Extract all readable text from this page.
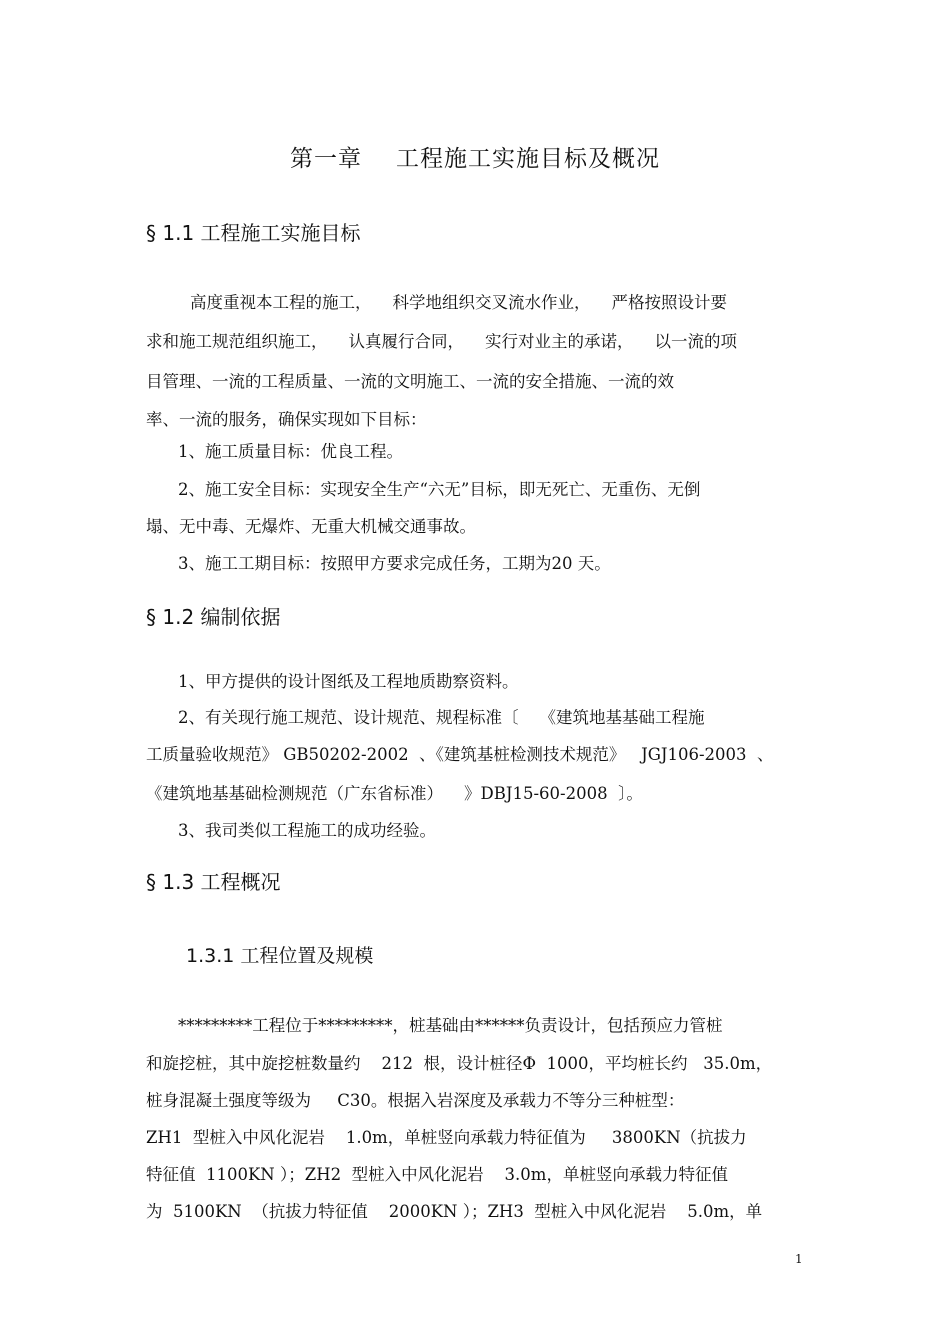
第一章 工程施工实施目标及概况
§ 1.1 工程施工实施目标
高度重视本工程的施工，    科学地组织交叉流水作业，    严格按照设计要
求和施工规范组织施工，    认真履行合同，    实行对业主的承诺，    以一流的项
目管理、一流的工程质量、一流的文明施工、一流的安全措施、一流的效
率、一流的服务，确保实现如下目标：
1、施工质量目标：优良工程。
2、施工安全目标：实现安全生产“六无”目标，即无死亡、无重伤、无倒
塌、无中毒、无爆炸、无重大机械交通事故。
3、施工工期目标：按照甲方要求完成任务，工期为20 天。
§ 1.2 编制依据
1、甲方提供的设计图纸及工程地质勘察资料。
2、有关现行施工规范、设计规范、规程标准〔    《建筑地基基础工程施
工质量验收规范》 GB50202-2002  、《建筑基桩检测技术规范》   JGJ106-2003  、
《建筑地基基础检测规范（广东省标准）    》DBJ15-60-2008  〕。
3、我司类似工程施工的成功经验。
§ 1.3 工程概况
1.3.1 工程位置及规模
*********工程位于*********，桩基础由******负责设计，包括预应力管桩
和旋挖桩，其中旋挖桩数量约    212  根，设计桩径Φ  1000，平均桩长约   35.0m，
桩身混凝土强度等级为     C30。根据入岩深度及承载力不等分三种桩型：
ZH1  型桩入中风化泥岩    1.0m，单桩竖向承载力特征值为     3800KN（抗拔力
特征值  1100KN ）；ZH2  型桩入中风化泥岩    3.0m，单桩竖向承载力特征值
为  5100KN  （抗拔力特征值    2000KN ）；ZH3  型桩入中风化泥岩    5.0m，单
1
